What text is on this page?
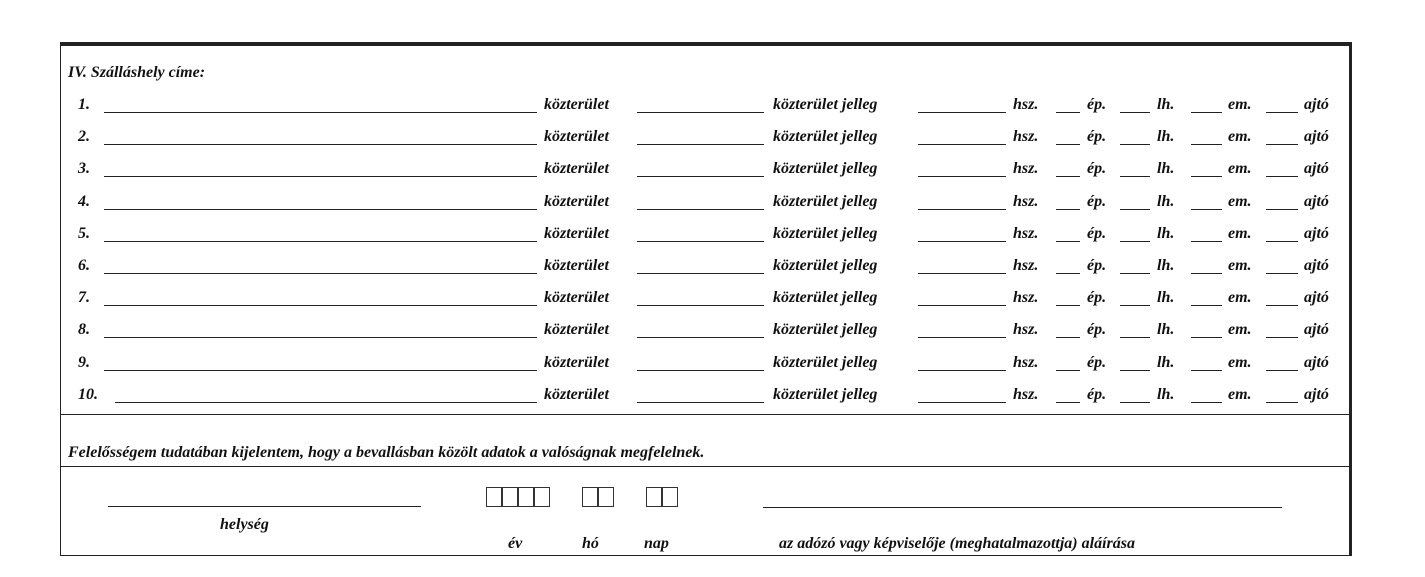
IV. Szálláshely címe:
1.	közterület	közterület jelleg	hsz.	ép.	lh.	em.	ajtó
2.	közterület	közterület jelleg	hsz.	ép.	lh.	em.	ajtó
3.	közterület	közterület jelleg	hsz.	ép.	lh.	em.	ajtó
4.	közterület	közterület jelleg	hsz.	ép.	lh.	em.	ajtó
5.	közterület	közterület jelleg	hsz.	ép.	lh.	em.	ajtó
6.	közterület	közterület jelleg	hsz.	ép.	lh.	em.	ajtó
7.	közterület	közterület jelleg	hsz.	ép.	lh.	em.	ajtó
8.	közterület	közterület jelleg	hsz.	ép.	lh.	em.	ajtó
9.	közterület	közterület jelleg	hsz.	ép.	lh.	em.	ajtó
10.	közterület	közterület jelleg	hsz.	ép.	lh.	em.	ajtó
Felelősségem tudatában kijelentem, hogy a bevallásban közölt adatok a valóságnak megfelelnek.
helység
év	hó	nap	az adózó vagy képviselője (meghatalmazottja) aláírása
